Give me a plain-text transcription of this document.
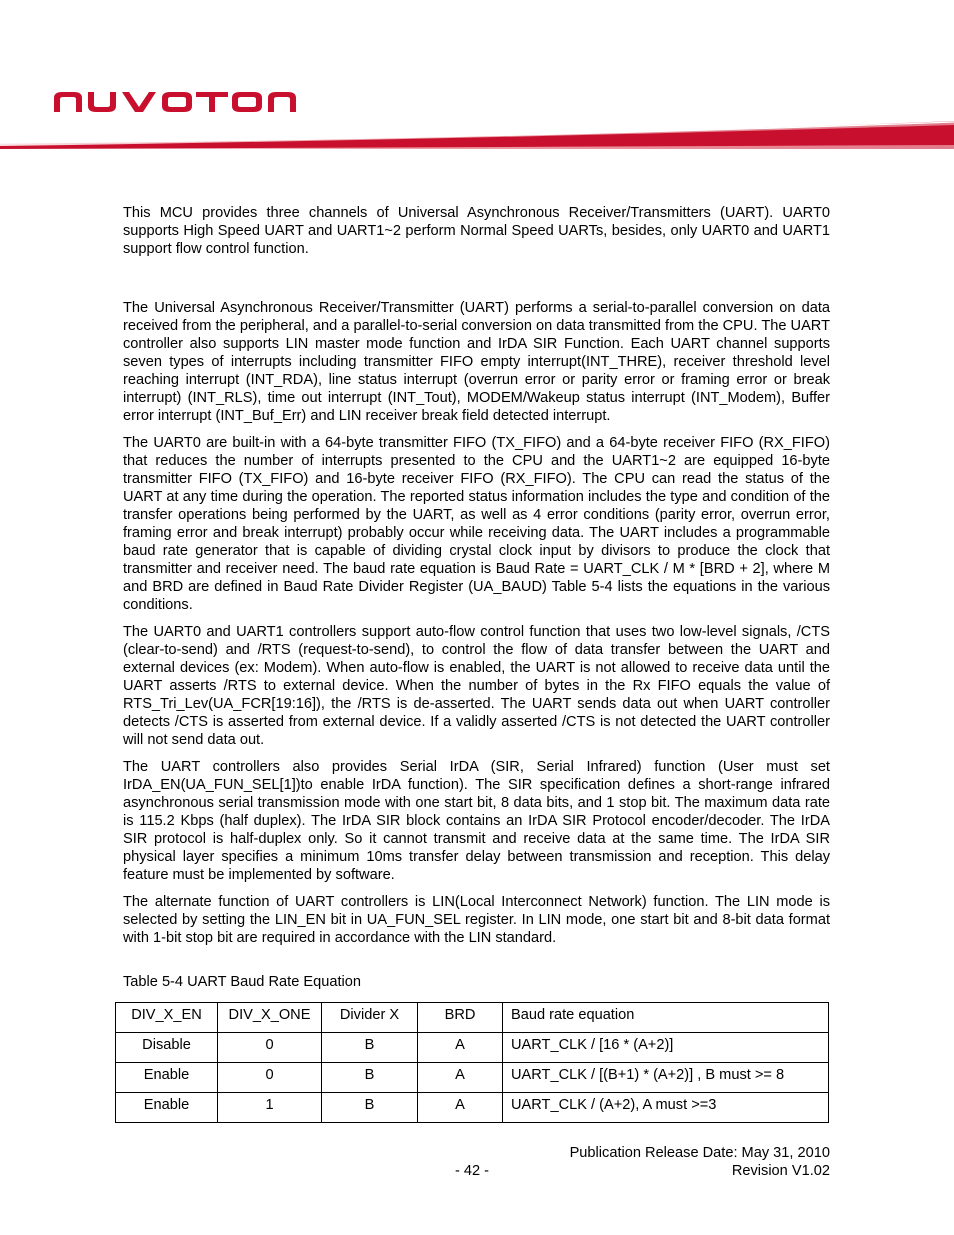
This MCU provides three channels of Universal Asynchronous Receiver/Transmitters (UART). UART0 supports High Speed UART and UART1~2 perform Normal Speed UARTs, besides, only UART0 and UART1 support flow control function.

The Universal Asynchronous Receiver/Transmitter (UART) performs a serial-to-parallel conversion on data received from the peripheral, and a parallel-to-serial conversion on data transmitted from the CPU. The UART controller also supports LIN master mode function and IrDA SIR Function. Each UART channel supports seven types of interrupts including transmitter FIFO empty interrupt(INT_THRE), receiver threshold level reaching interrupt (INT_RDA), line status interrupt (overrun error or parity error or framing error or break interrupt) (INT_RLS), time out interrupt (INT_Tout), MODEM/Wakeup status interrupt (INT_Modem), Buffer error interrupt (INT_Buf_Err) and LIN receiver break field detected interrupt.

The UART0 are built-in with a 64-byte transmitter FIFO (TX_FIFO) and a 64-byte receiver FIFO (RX_FIFO) that reduces the number of interrupts presented to the CPU and the UART1~2 are equipped 16-byte transmitter FIFO (TX_FIFO) and 16-byte receiver FIFO (RX_FIFO). The CPU can read the status of the UART at any time during the operation. The reported status information includes the type and condition of the transfer operations being performed by the UART, as well as 4 error conditions (parity error, overrun error, framing error and break interrupt) probably occur while receiving data. The UART includes a programmable baud rate generator that is capable of dividing crystal clock input by divisors to produce the clock that transmitter and receiver need. The baud rate equation is Baud Rate = UART_CLK / M * [BRD + 2], where M and BRD are defined in Baud Rate Divider Register (UA_BAUD) Table 5-4 lists the equations in the various conditions.

The UART0 and UART1 controllers support auto-flow control function that uses two low-level signals, /CTS (clear-to-send) and /RTS (request-to-send), to control the flow of data transfer between the UART and external devices (ex: Modem). When auto-flow is enabled, the UART is not allowed to receive data until the UART asserts /RTS to external device. When the number of bytes in the Rx FIFO equals the value of RTS_Tri_Lev(UA_FCR[19:16]), the /RTS is de-asserted. The UART sends data out when UART controller detects /CTS is asserted from external device. If a validly asserted /CTS is not detected the UART controller will not send data out.

The UART controllers also provides Serial IrDA (SIR, Serial Infrared) function (User must set IrDA_EN(UA_FUN_SEL[1])to enable IrDA function). The SIR specification defines a short-range infrared asynchronous serial transmission mode with one start bit, 8 data bits, and 1 stop bit. The maximum data rate is 115.2 Kbps (half duplex). The IrDA SIR block contains an IrDA SIR Protocol encoder/decoder. The IrDA SIR protocol is half-duplex only. So it cannot transmit and receive data at the same time. The IrDA SIR physical layer specifies a minimum 10ms transfer delay between transmission and reception. This delay feature must be implemented by software.

The alternate function of UART controllers is LIN(Local Interconnect Network) function. The LIN mode is selected by setting the LIN_EN bit in UA_FUN_SEL register. In LIN mode, one start bit and 8-bit data format with 1-bit stop bit are required in accordance with the LIN standard.

Table 5-4 UART Baud Rate Equation
DIV_X_EN	DIV_X_ONE	Divider X	BRD	Baud rate equation
Disable	0	B	A	UART_CLK / [16 * (A+2)]
Enable	0	B	A	UART_CLK / [(B+1) * (A+2)] , B must >= 8
Enable	1	B	A	UART_CLK / (A+2), A must >=3
Publication Release Date: May 31, 2010
Revision V1.02
- 42 -
